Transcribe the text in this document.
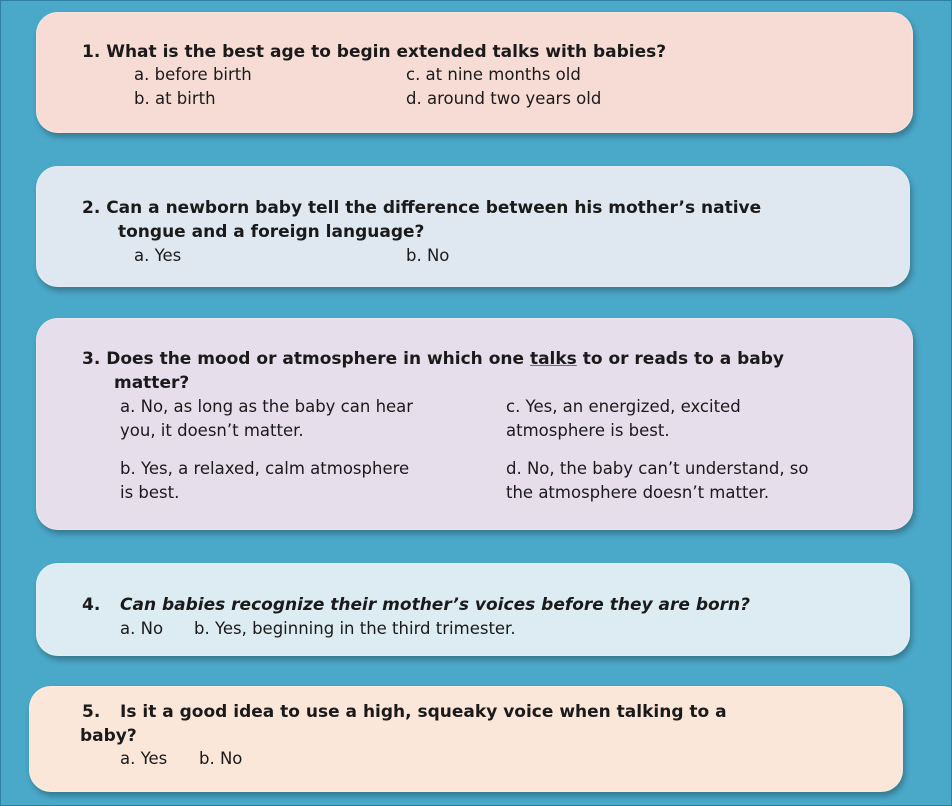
1. What is the best age to begin extended talks with babies?
a. before birth
b. at birth
c. at nine months old
d. around two years old
2. Can a newborn baby tell the difference between his mother’s native
tongue and a foreign language?
a. Yes	b. No
3. Does the mood or atmosphere in which one talks to or reads to a baby
matter?
a. No, as long as the baby can hear
you, it doesn’t matter.
c. Yes, an energized, excited
atmosphere is best.
b. Yes, a relaxed, calm atmosphere
is best.
d. No, the baby can’t understand, so
the atmosphere doesn’t matter.
4. Can babies recognize their mother’s voices before they are born?
a. No b. Yes, beginning in the third trimester.
5. Is it a good idea to use a high, squeaky voice when talking to a
baby?
a. Yes b. No
